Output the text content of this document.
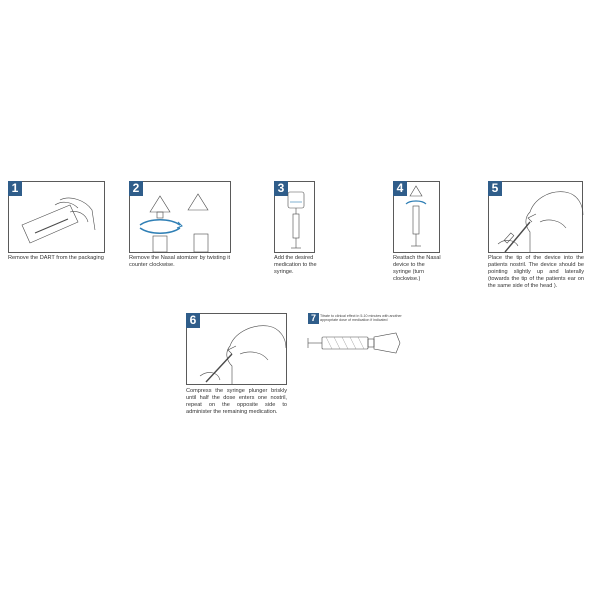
1
Remove the DART from the packaging
2
Remove the Nasal atomizer by twisting it counter clockwise.
3
Add the desired medication to the syringe.
4
Reattach the Nasal device to the syringe (turn clockwise.)
5
Place the tip of the device into the patients nostril. The device should be pointing slightly up and laterally (towards the tip of the patients ear on the same side of the head ).
6
Compress the syringe plunger briskly until half the dose enters one nostril, repeat on the opposite side to administer the remaining medication.
7	Titrate to clinical effect in 5-10 minutes with another appropriate dose of medication if indicated
